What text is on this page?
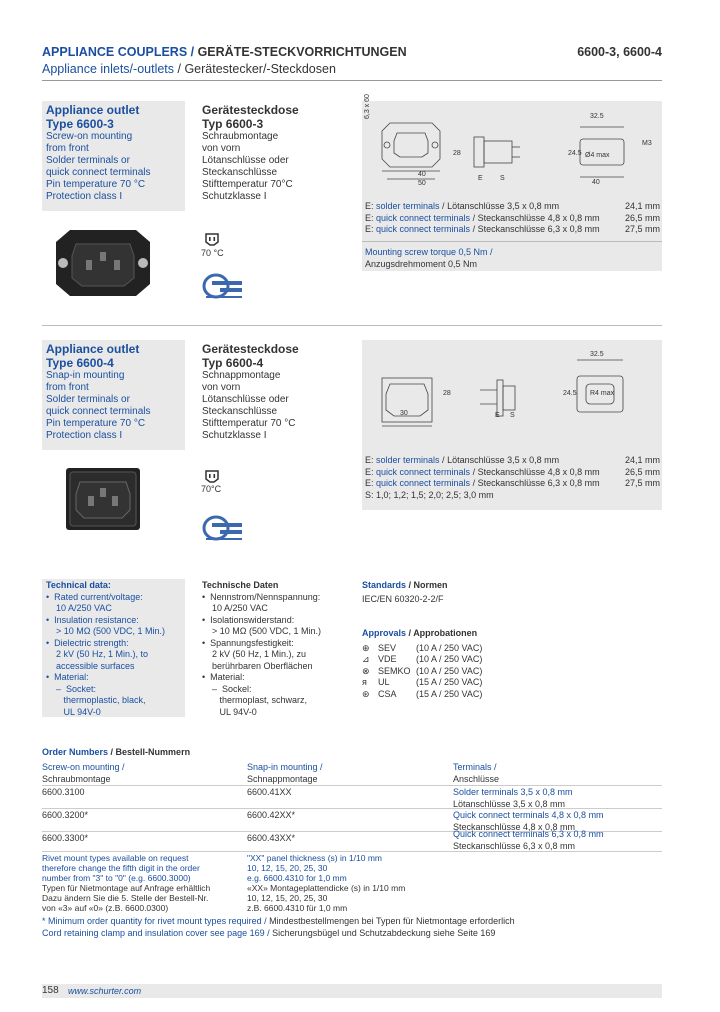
APPLIANCE COUPLERS / GERÄTE-STECKVORRICHTUNGEN	6600-3, 6600-4
Appliance inlets/-outlets / Gerätestecker/-Steckdosen
Appliance outlet
Type 6600-3
Screw-on mounting
from front
Solder terminals or
quick connect terminals
Pin temperature 70 °C
Protection class I
Gerätesteckdose
Typ 6600-3
Schraubmontage
von vorn
Lötanschlüsse oder
Steckanschlüsse
Stifttemperatur 70°C
Schutzklasse I
70 °C
6,3 x 60	32.5
40
50
28	24.5
M3
E S
40
Ø4 max
E: solder terminals / Lötanschlüsse 3,5 x 0,8 mm	24,1 mm
E: quick connect terminals / Steckanschlüsse 4,8 x 0,8 mm	26,5 mm
E: quick connect terminals / Steckanschlüsse 6,3 x 0,8 mm	27,5 mm
Mounting screw torque 0,5 Nm /
Anzugsdrehmoment 0,5 Nm
Appliance outlet
Type 6600-4
Snap-in mounting
from front
Solder terminals or
quick connect terminals
Pin temperature 70 °C
Protection class I
Gerätesteckdose
Typ 6600-4
Schnappmontage
von vorn
Lötanschlüsse oder
Steckanschlüsse
Stifttemperatur 70 °C
Schutzklasse I
70°C
32.5
24.5
28
30	E S
R4 max
E: solder terminals / Lötanschlüsse 3,5 x 0,8 mm	24,1 mm
E: quick connect terminals / Steckanschlüsse 4,8 x 0,8 mm	26,5 mm
E: quick connect terminals / Steckanschlüsse 6,3 x 0,8 mm	27,5 mm
S: 1,0; 1,2; 1,5; 2,0; 2,5; 3,0 mm
Technical data:
•  Rated current/voltage:
10 A/250 VAC
•  Insulation resistance:
> 10 MΩ (500 VDC, 1 Min.)
•  Dielectric strength:
2 kV (50 Hz, 1 Min.), to
accessible surfaces
•  Material:
–  Socket:
thermoplastic, black,
UL 94V-0
Technische Daten
•  Nennstrom/Nennspannung:
10 A/250 VAC
•  Isolationswiderstand:
> 10 MΩ (500 VDC, 1 Min.)
•  Spannungsfestigkeit:
2 kV (50 Hz, 1 Min.), zu
berührbaren Oberflächen
•  Material:
–  Sockel:
thermoplast, schwarz,
UL 94V-0
Standards / Normen
IEC/EN 60320-2-2/F
Approvals / Approbationen
⊕ SEV (10 A / 250 VAC)
⊿ VDE (10 A / 250 VAC)
⊗ SEMKO (10 A / 250 VAC)
ᴙ UL	(15 A / 250 VAC)
⊛ CSA (15 A / 250 VAC)
Order Numbers / Bestell-Nummern
Screw-on mounting /
Schraubmontage
Snap-in mounting /
Schnappmontage
Terminals /
Anschlüsse
6600.3100	6600.41XX	Solder terminals 3,5 x 0,8 mm
Lötanschlüsse 3,5 x 0,8 mm
6600.3200*	6600.42XX*	Quick connect terminals 4,8 x 0,8 mm
Steckanschlüsse 4,8 x 0,8 mm
6600.3300*	6600.43XX*	Quick connect terminals 6,3 x 0,8 mm
Steckanschlüsse 6,3 x 0,8 mm
Rivet mount types available on request
therefore change the fifth digit in the order
number from "3" to "0" (e.g. 6600.3000)
Typen für Nietmontage auf Anfrage erhältlich
Dazu ändern Sie die 5. Stelle der Bestell-Nr.
von «3» auf «0» (z.B. 6600.0300)
"XX" panel thickness (s) in 1/10 mm
10, 12, 15, 20, 25, 30
e.g. 6600.4310 for 1,0 mm
«XX» Montageplattendicke (s) in 1/10 mm
10, 12, 15, 20, 25, 30
z.B. 6600.4310 für 1,0 mm
* Minimum order quantity for rivet mount types required / Mindestbestellmengen bei Typen für Nietmontage erforderlich
Cord retaining clamp and insulation cover see page 169 / Sicherungsbügel und Schutzabdeckung siehe Seite 169
158 www.schurter.com
